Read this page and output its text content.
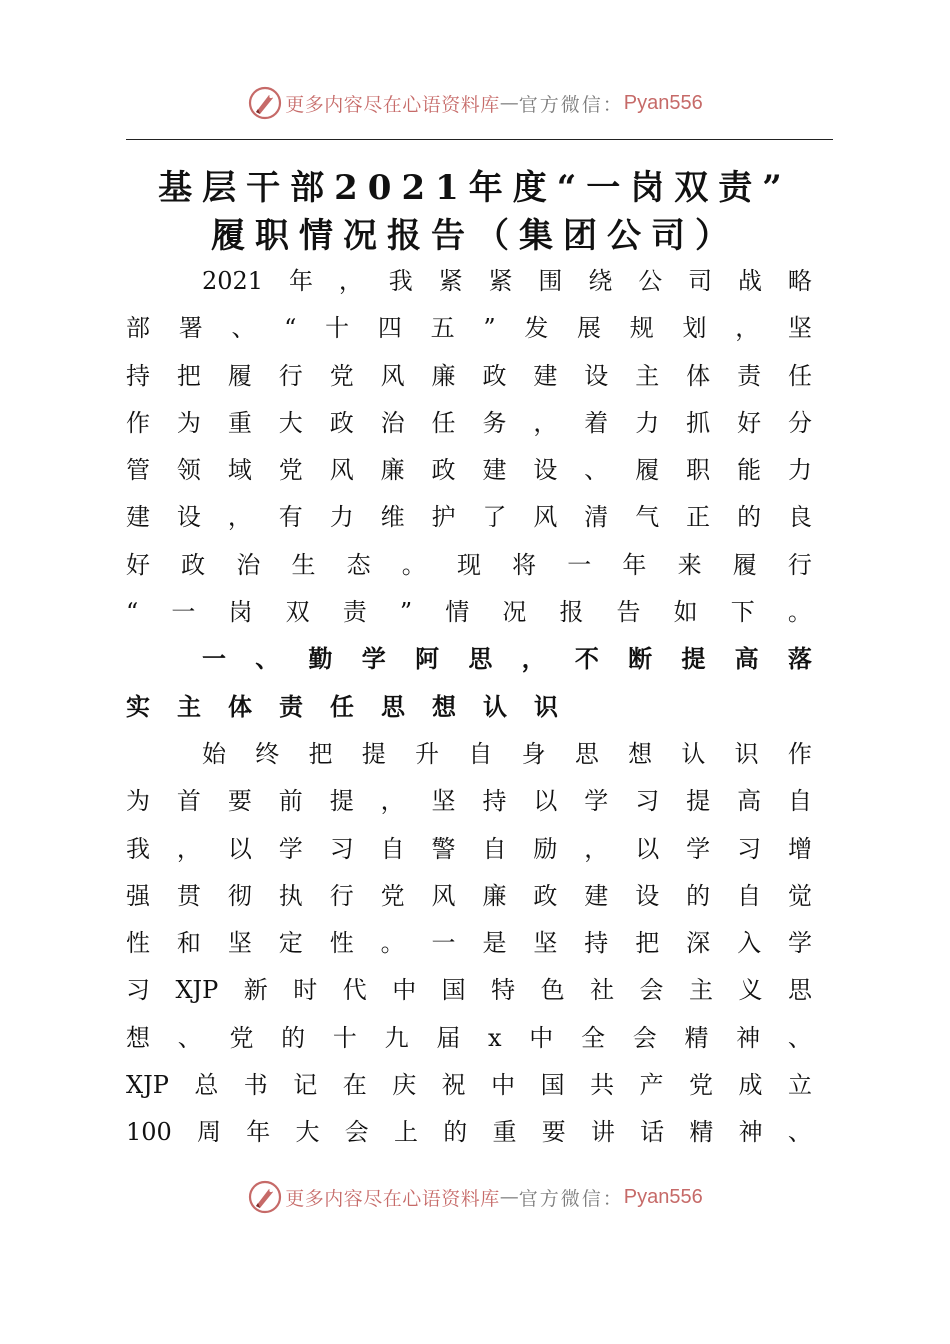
更多内容尽在心语资料库 — 官方微信： Pyan556
基层干部2021年度“一岗双责”
履职情况报告（集团公司）
2021 年 ， 我 紧 紧 围 绕 公 司 战 略
部 署 、 “ 十 四 五 ” 发 展 规 划 ， 坚
持 把 履 行 党 风 廉 政 建 设 主 体 责 任
作 为 重 大 政 治 任 务 ， 着 力 抓 好 分
管 领 域 党 风 廉 政 建 设 、 履 职 能 力
建 设 ， 有 力 维 护 了 风 清 气 正 的 良
好 政 治 生 态 。 现 将 一 年 来 履 行
“ 一 岗 双 责 ” 情 况 报 告 如 下 。
一 、 勤 学 阿 思 ， 不 断 提 高 落
实 主 体 责 任 思 想 认 识
始 终 把 提 升 自 身 思 想 认 识 作
为 首 要 前 提 ， 坚 持 以 学 习 提 高 自
我 ， 以 学 习 自 警 自 励 ， 以 学 习 增
强 贯 彻 执 行 党 风 廉 政 建 设 的 自 觉
性 和 坚 定 性 。 一 是 坚 持 把 深 入 学
习 XJP 新 时 代 中 国 特 色 社 会 主 义 思
想 、 党 的 十 九 届 x 中 全 会 精 神 、
XJP 总 书 记 在 庆 祝 中 国 共 产 党 成 立
100 周 年 大 会 上 的 重 要 讲 话 精 神 、
更多内容尽在心语资料库 — 官方微信： Pyan556
